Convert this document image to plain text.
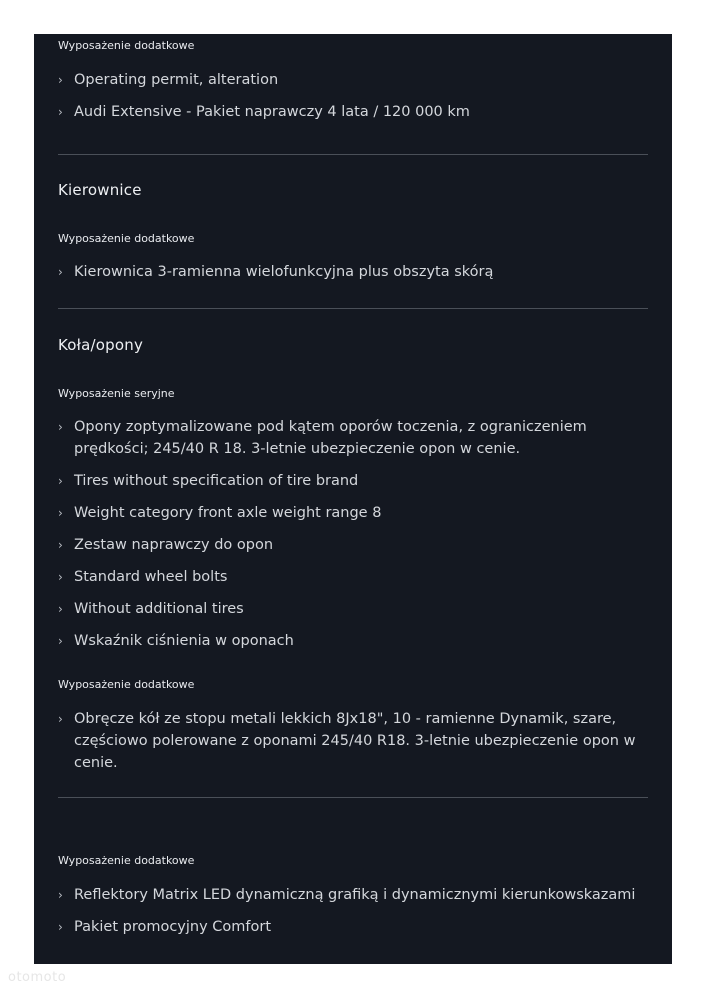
Wyposażenie dodatkowe
› Operating permit, alteration
› Audi Extensive - Pakiet naprawczy 4 lata / 120 000 km
Kierownice
Wyposażenie dodatkowe
› Kierownica 3-ramienna wielofunkcyjna plus obszyta skórą
Koła/opony
Wyposażenie seryjne
› Opony zoptymalizowane pod kątem oporów toczenia, z ograniczeniem prędkości; 245/40 R 18. 3-letnie ubezpieczenie opon w cenie.
› Tires without specification of tire brand
› Weight category front axle weight range 8
› Zestaw naprawczy do opon
› Standard wheel bolts
› Without additional tires
› Wskaźnik ciśnienia w oponach
Wyposażenie dodatkowe
› Obręcze kół ze stopu metali lekkich 8Jx18", 10 - ramienne Dynamik, szare, częściowo polerowane z oponami 245/40 R18. 3-letnie ubezpieczenie opon w cenie.
Wyposażenie dodatkowe
› Reflektory Matrix LED dynamiczną grafiką i dynamicznymi kierunkowskazami
› Pakiet promocyjny Comfort
otomoto
